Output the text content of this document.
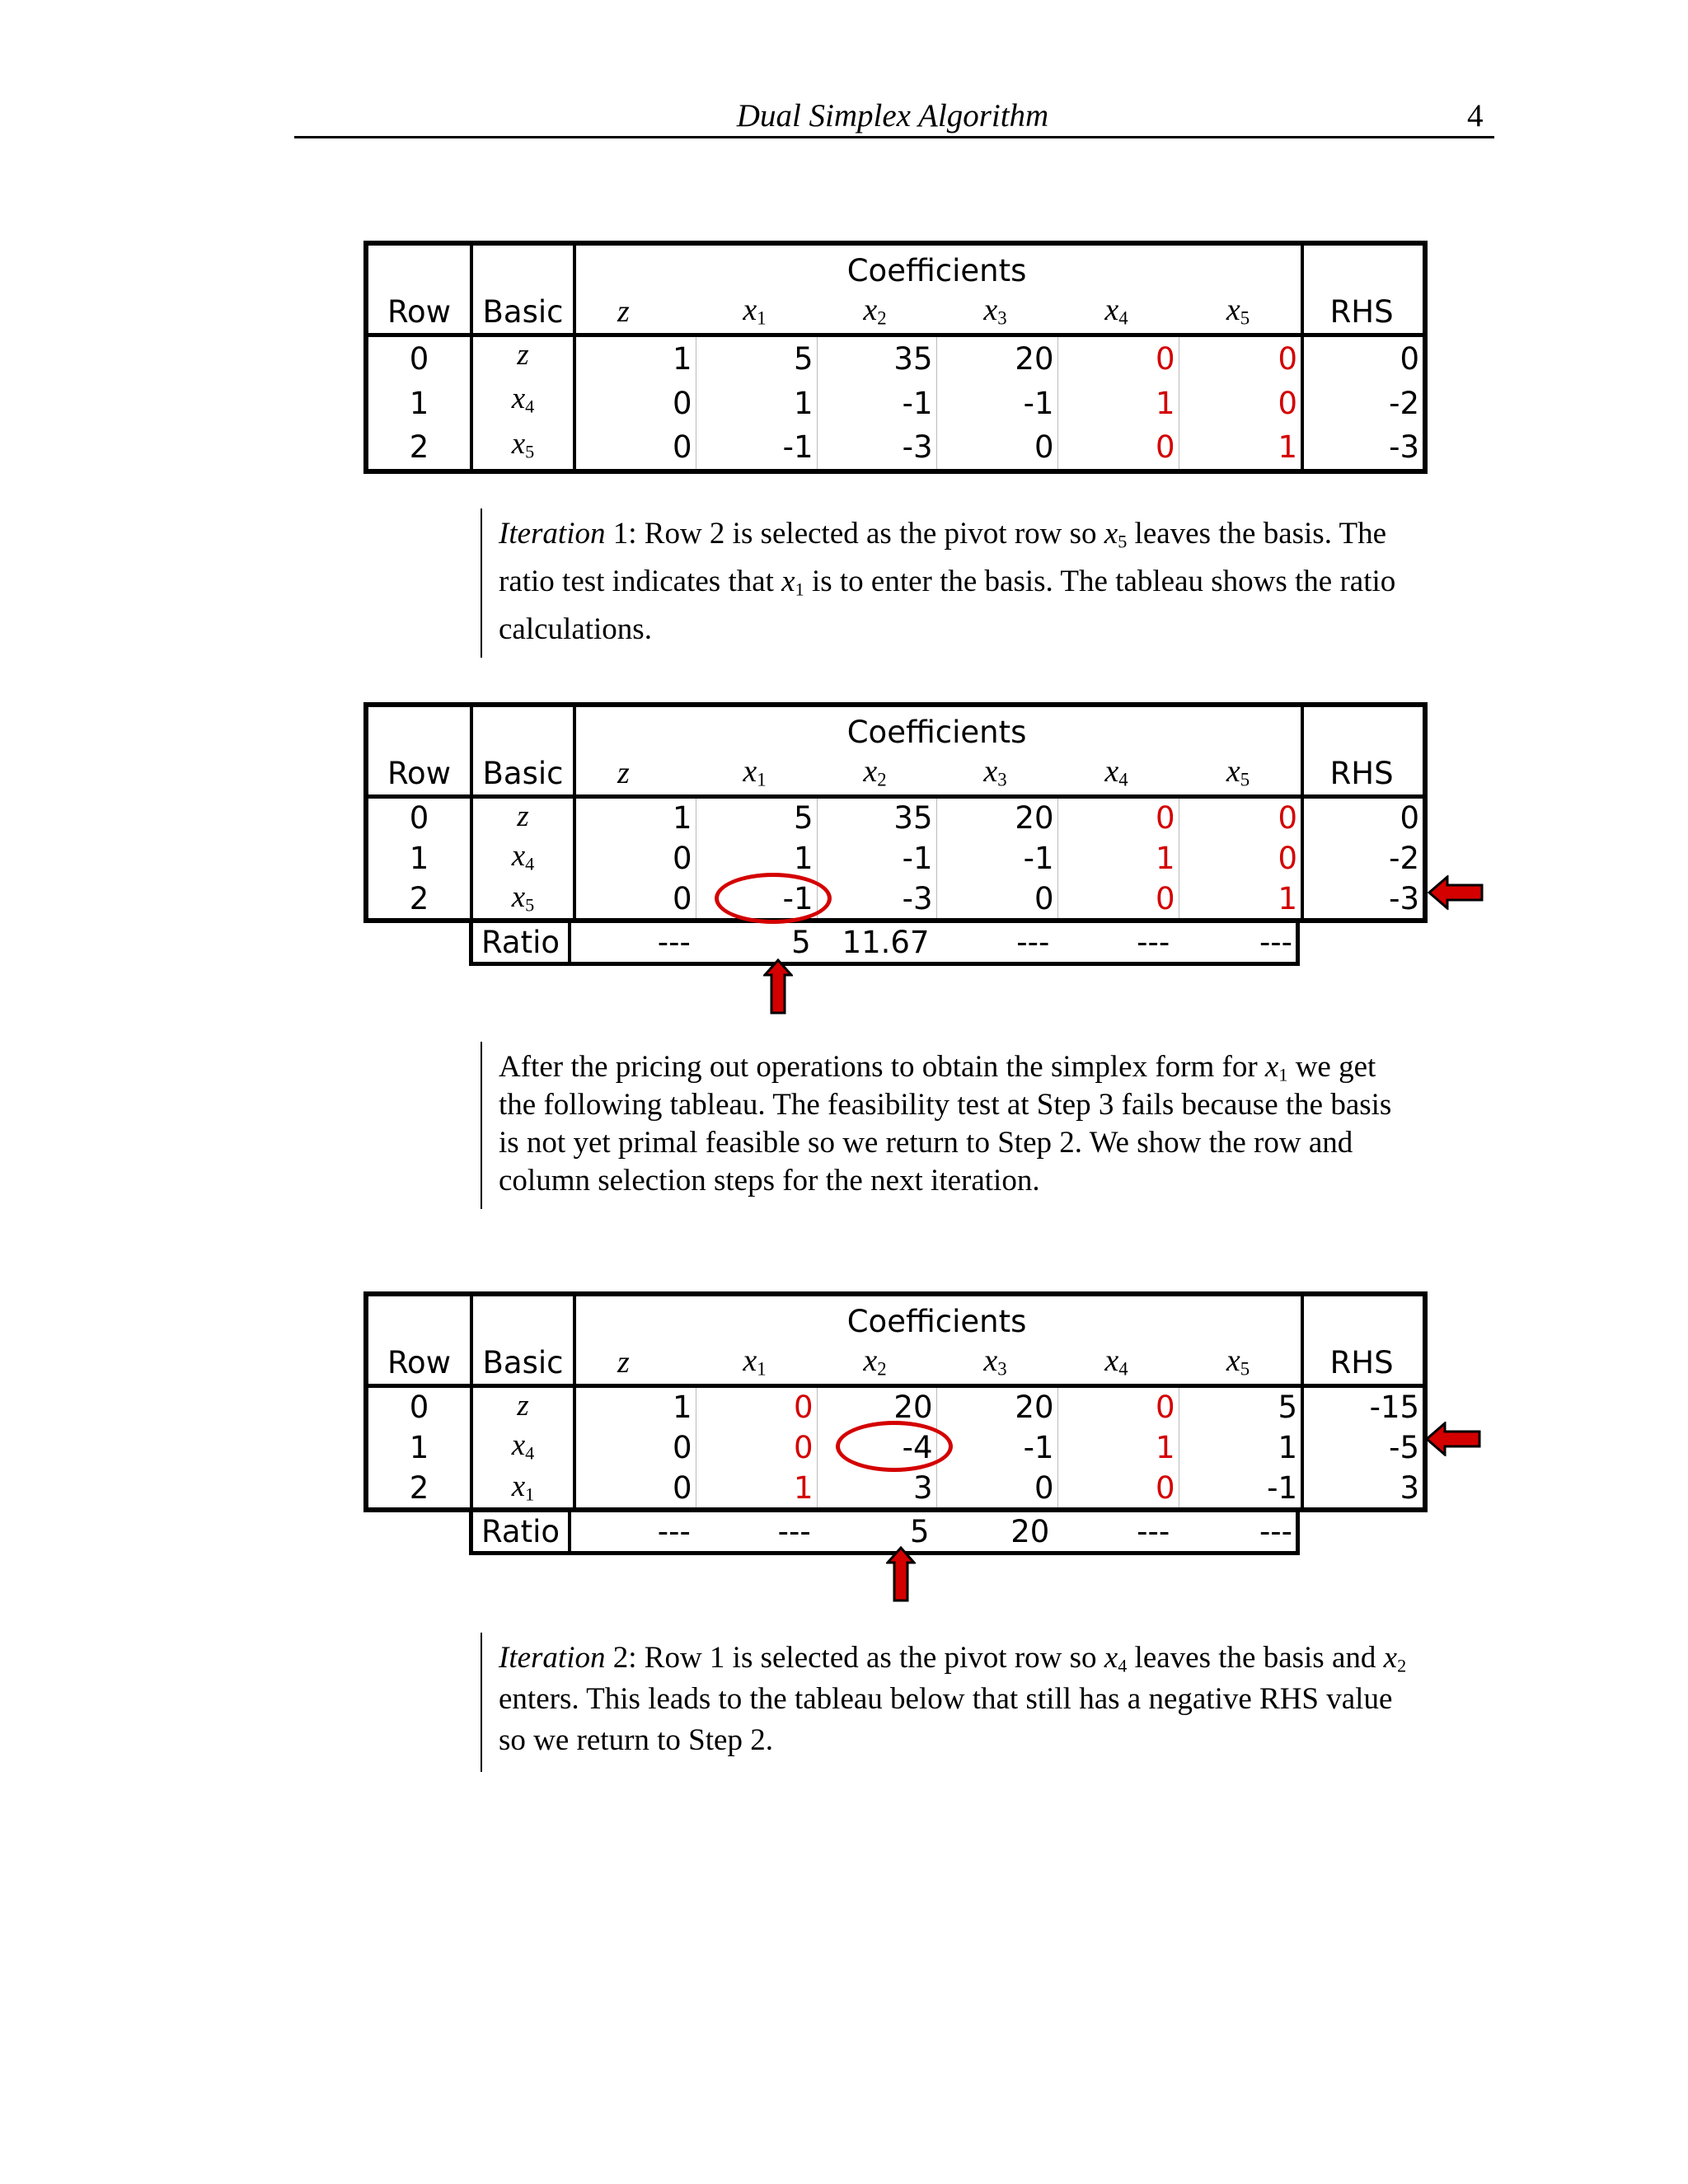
Dual Simplex Algorithm	4
		Coefficients						
Row	Basic	z	$x_1$	$x_2$	$x_3$	$x_4$	$x_5$	RHS
0	z	1	5	35	20	0	0	0
1	$x_4$	0	1	-1	-1	1	0	-2
2	$x_5$	0	-1	-3	0	0	1	-3
Iteration 1: Row 2 is selected as the pivot row so $x_5$ leaves the basis. The
ratio test indicates that $x_1$ is to enter the basis. The tableau shows the ratio
calculations.
		Coefficients						
Row	Basic	z	$x_1$	$x_2$	$x_3$	$x_4$	$x_5$	RHS
0	z	1	5	35	20	0	0	0
1	$x_4$	0	1	-1	-1	1	0	-2
2	$x_5$	0	-1	-3	0	0	1	-3
Ratio	---	5	11.67	---	---	---
After the pricing out operations to obtain the simplex form for $x_1$ we get
the following tableau. The feasibility test at Step 3 fails because the basis
is not yet primal feasible so we return to Step 2. We show the row and
column selection steps for the next iteration.
		Coefficients						
Row	Basic	z	$x_1$	$x_2$	$x_3$	$x_4$	$x_5$	RHS
0	z	1	0	20	20	0	5	-15
1	$x_4$	0	0	-4	-1	1	1	-5
2	$x_1$	0	1	3	0	0	-1	3
Ratio	---	---	5	20	---	---
Iteration 2: Row 1 is selected as the pivot row so $x_4$ leaves the basis and $x_2$
enters. This leads to the tableau below that still has a negative RHS value
so we return to Step 2.
